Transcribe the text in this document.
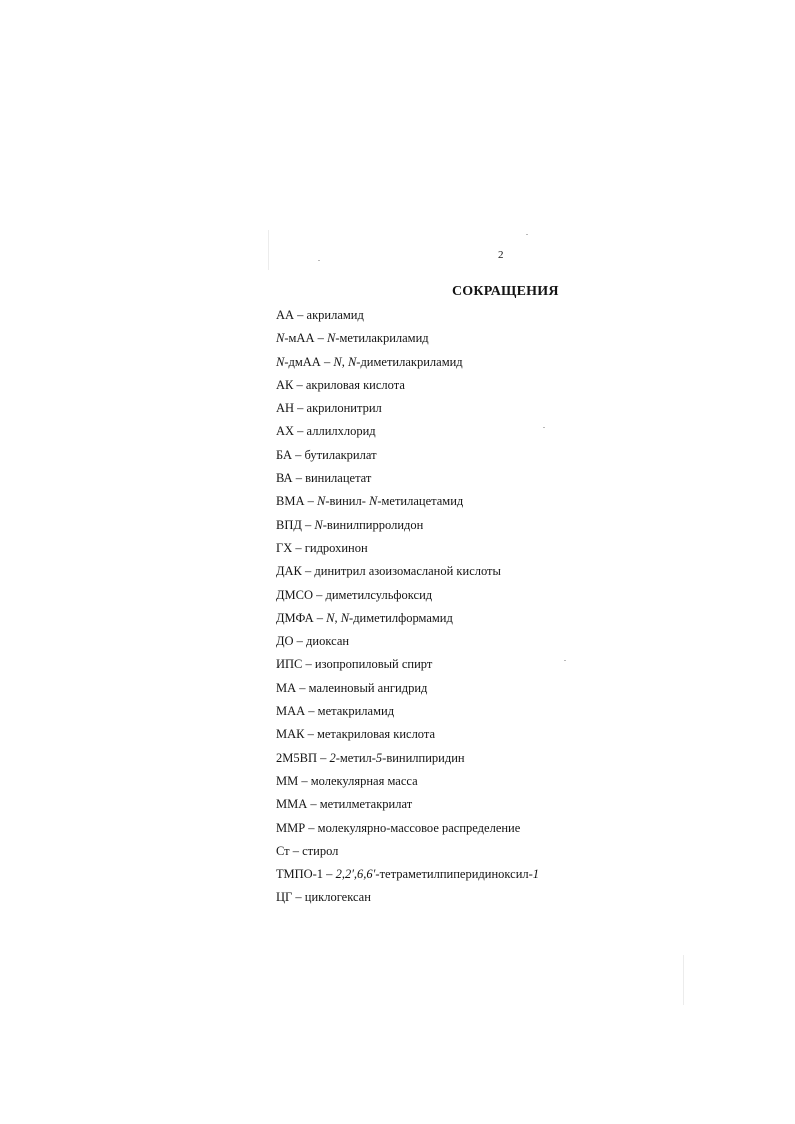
2
СОКРАЩЕНИЯ
АА – акриламид
N-мАА – N-метилакриламид
N-дмАА – N, N-диметилакриламид
АК – акриловая кислота
АН – акрилонитрил
АХ – аллилхлорид
БА – бутилакрилат
ВА – винилацетат
ВМА – N-винил- N-метилацетамид
ВПД – N-винилпирролидон
ГХ – гидрохинон
ДАК – динитрил азоизомасланой кислоты
ДМСО – диметилсульфоксид
ДМФА – N, N-диметилформамид
ДО – диоксан
ИПС – изопропиловый спирт
МА – малеиновый ангидрид
МАА – метакриламид
МАК – метакриловая кислота
2М5ВП – 2-метил-5-винилпиридин
ММ – молекулярная масса
ММА – метилметакрилат
ММР – молекулярно-массовое распределение
Ст – стирол
ТМПО-1 – 2,2′,6,6′-тетраметилпиперидиноксил-1
ЦГ – циклогексан
